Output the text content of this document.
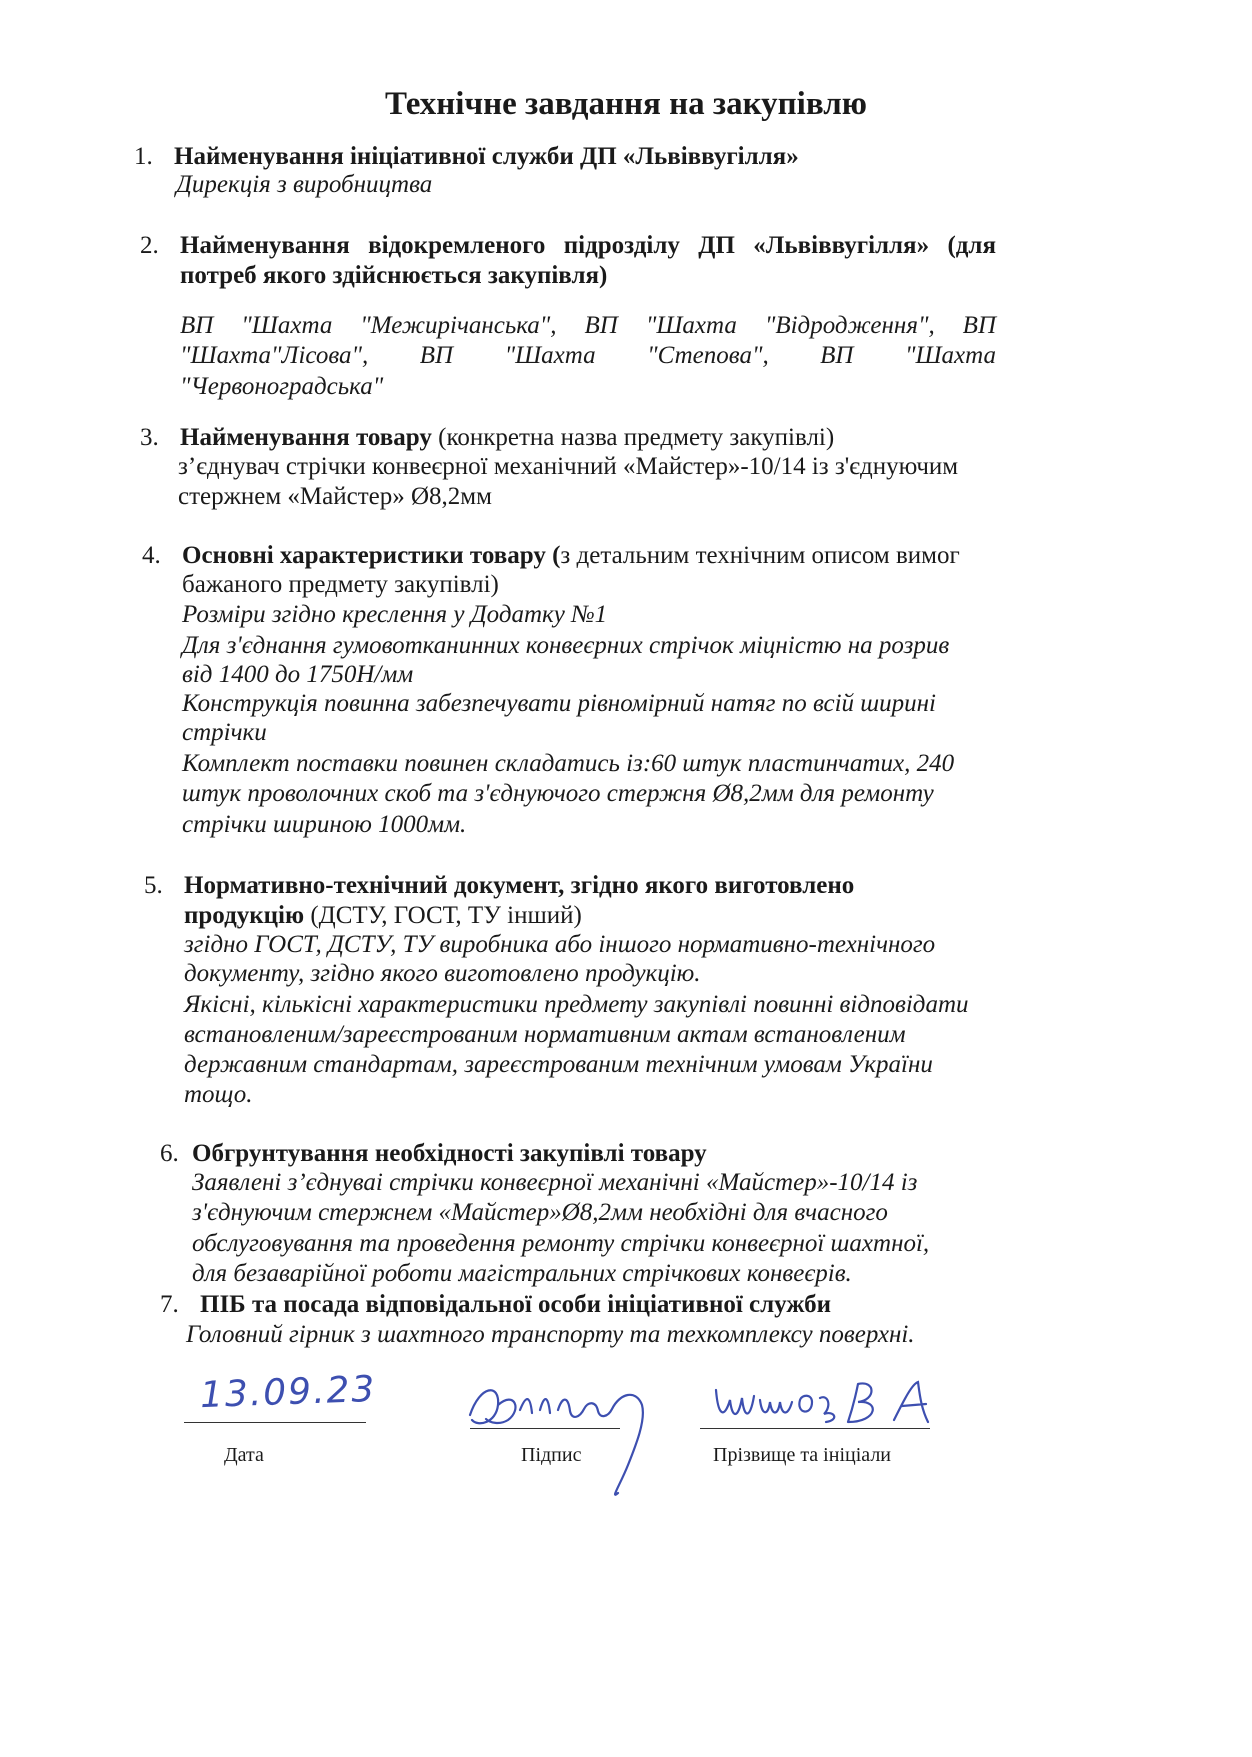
Технічне завдання на закупівлю
1. Найменування ініціативної служби ДП «Львіввугілля»
Дирекція з виробництва
2. Найменування відокремленого підрозділу ДП «Львіввугілля» (для
потреб якого здійснюється закупівля)
ВП "Шахта "Межирічанська", ВП "Шахта "Відродження", ВП
"Шахта"Лісова", ВП "Шахта "Степова", ВП "Шахта
"Червоноградська"
3. Найменування товару (конкретна назва предмету закупівлі)
з’єднувач стрічки конвеєрної механічний «Майстер»-10/14 із з'єднуючим
стержнем «Майстер» Ø8,2мм
4. Основні характеристики товару (з детальним технічним описом вимог
бажаного предмету закупівлі)
Розміри згідно креслення у Додатку №1
Для з'єднання гумовотканинних конвеєрних стрічок міцністю на розрив
від 1400 до 1750Н/мм
Конструкція повинна забезпечувати рівномірний натяг по всій ширині
стрічки
Комплект поставки повинен складатись із:60 штук пластинчатих, 240
штук проволочних скоб та з'єднуючого стержня Ø8,2мм для ремонту
стрічки шириною 1000мм.
5. Нормативно-технічний документ, згідно якого виготовлено
продукцію (ДСТУ, ГОСТ, ТУ інший)
згідно ГОСТ, ДСТУ, ТУ виробника або іншого нормативно-технічного
документу, згідно якого виготовлено продукцію.
Якісні, кількісні характеристики предмету закупівлі повинні відповідати
встановленим/зареєстрованим нормативним актам встановленим
державним стандартам, зареєстрованим технічним умовам України
тощо.
6. Обгрунтування необхідності закупівлі товару
Заявлені з’єднуваі стрічки конвеєрної механічні «Майстер»-10/14 із
з'єднуючим стержнем «Майстер»Ø8,2мм необхідні для вчасного
обслуговування та проведення ремонту стрічки конвеєрної шахтної,
для безаварійної роботи магістральних стрічкових конвеєрів.
7. ПІБ та посада відповідальної особи ініціативної служби
Головний гірник з шахтного транспорту та техкомплексу поверхні.
13.09.23
Дата	Підпис	Прізвище та ініціали
